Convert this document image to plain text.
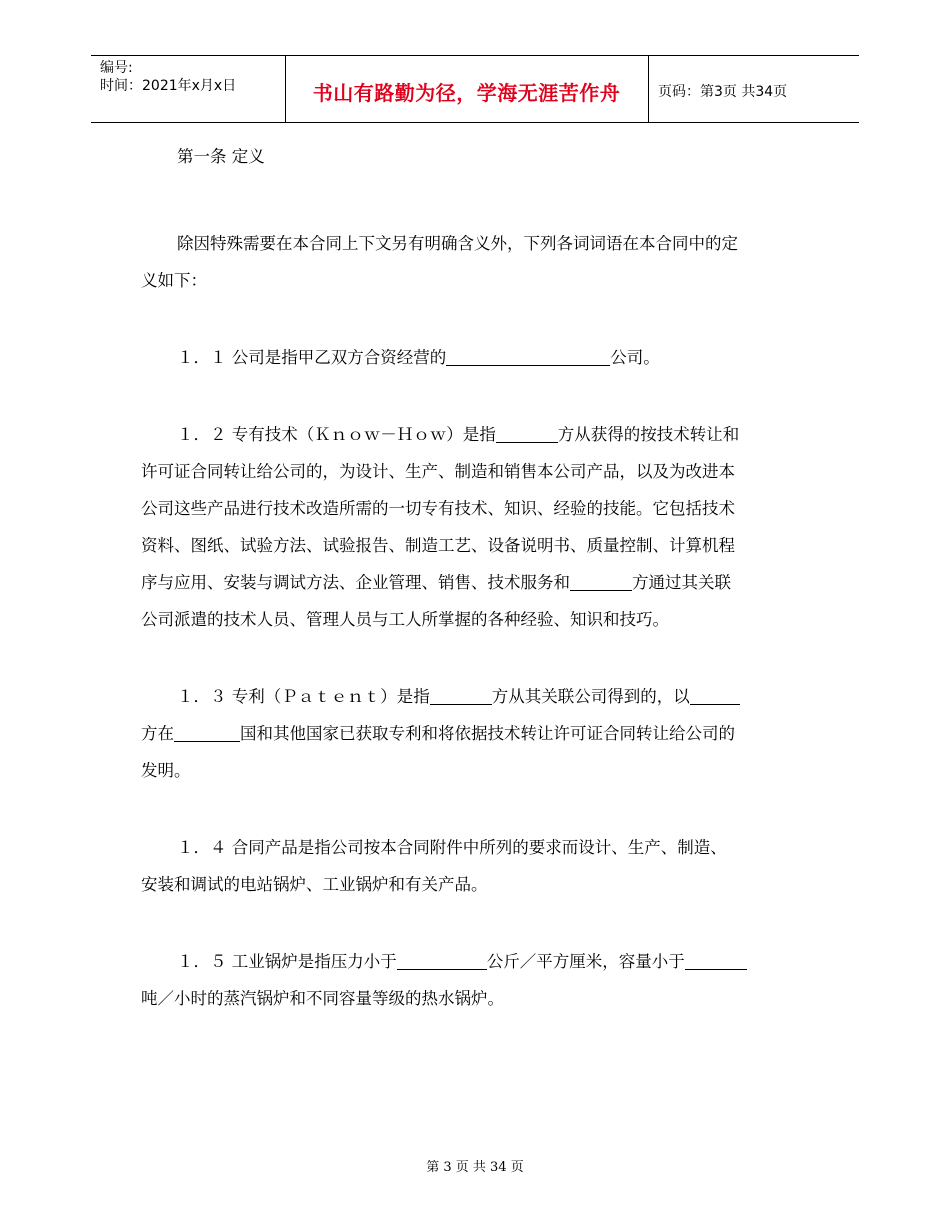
编号:
时间：2021年x月x日	书山有路勤为径，学海无涯苦作舟	页码：第3页 共34页
第一条 定义
除因特殊需要在本合同上下文另有明确含义外，下列各词词语在本合同中的定
义如下：
１．１ 公司是指甲乙双方合资经营的	公司。
１．２ 专有技术（Ｋｎｏｗ－Ｈｏｗ）是指	方从获得的按技术转让和
许可证合同转让给公司的，为设计、生产、制造和销售本公司产品，以及为改进本
公司这些产品进行技术改造所需的一切专有技术、知识、经验的技能。它包括技术
资料、图纸、试验方法、试验报告、制造工艺、设备说明书、质量控制、计算机程
序与应用、安装与调试方法、企业管理、销售、技术服务和	方通过其关联
公司派遣的技术人员、管理人员与工人所掌握的各种经验、知识和技巧。
１．３ 专利（Ｐａｔｅｎｔ）是指	方从其关联公司得到的，以
方在	国和其他国家已获取专利和将依据技术转让许可证合同转让给公司的
发明。
１．４ 合同产品是指公司按本合同附件中所列的要求而设计、生产、制造、
安装和调试的电站锅炉、工业锅炉和有关产品。
１．５ 工业锅炉是指压力小于	公斤／平方厘米，容量小于
吨／小时的蒸汽锅炉和不同容量等级的热水锅炉。
第 3 页 共 34 页
